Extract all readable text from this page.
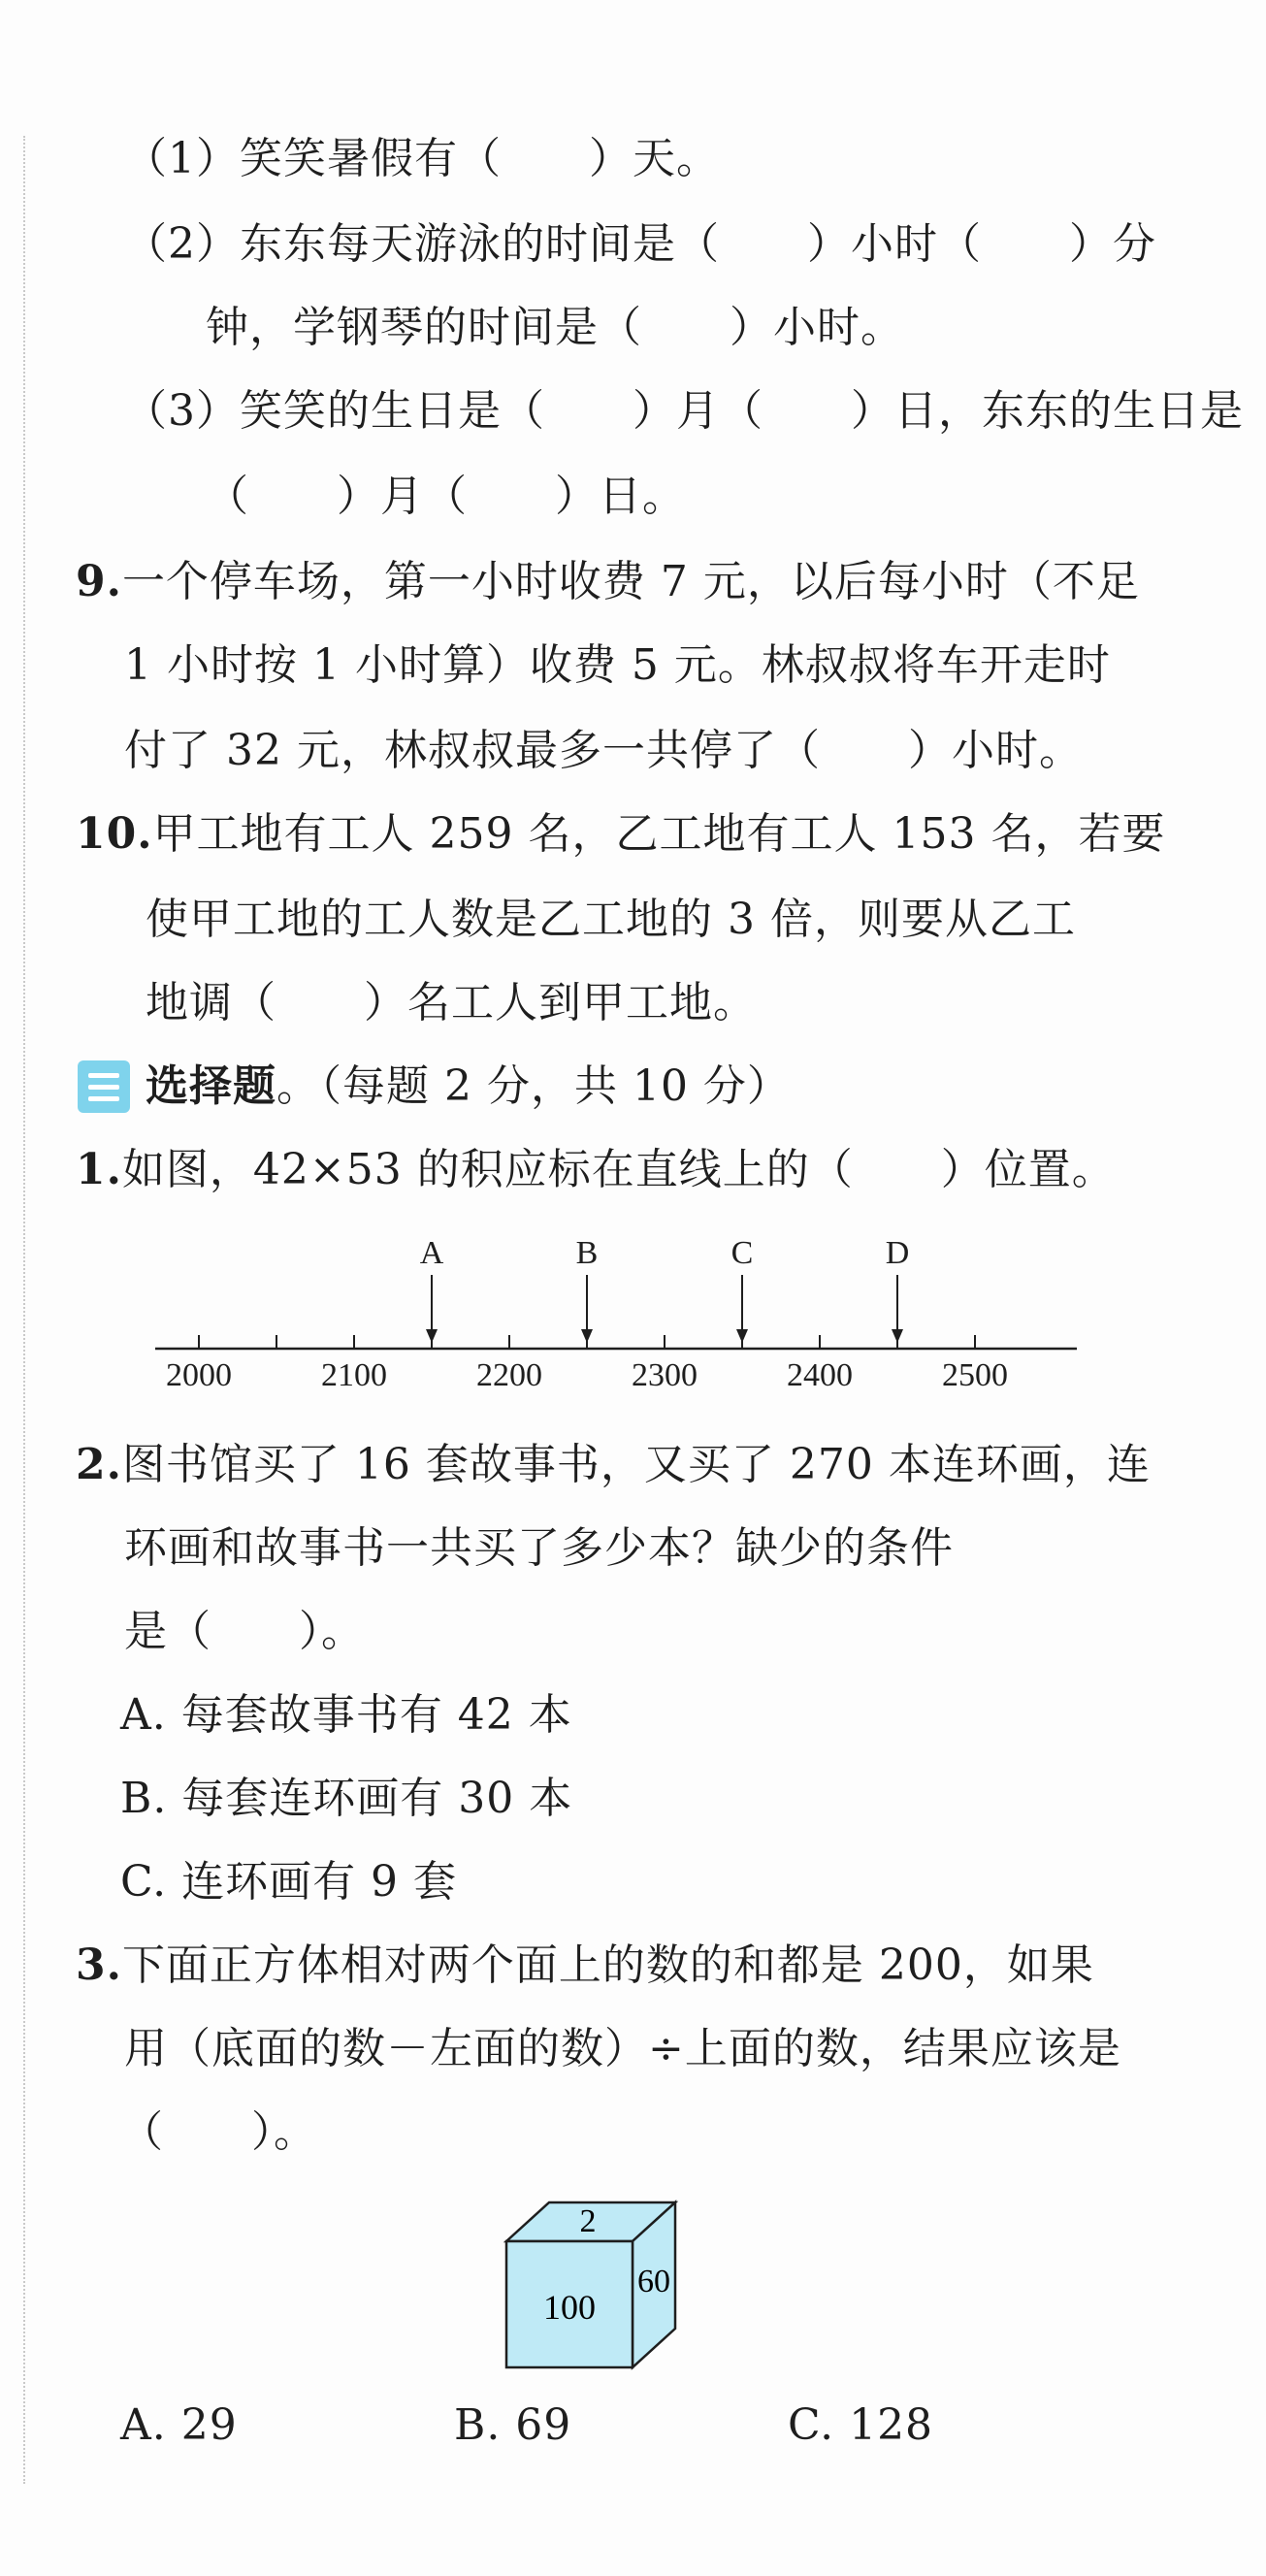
（1）笑笑暑假有（　　）天。
（2）东东每天游泳的时间是（　　）小时（　　）分
钟，学钢琴的时间是（　　）小时。
（3）笑笑的生日是（　　）月（　　）日，东东的生日是
（　　）月（　　）日。
9.一个停车场，第一小时收费 7 元，以后每小时（不足
1 小时按 1 小时算）收费 5 元。林叔叔将车开走时
付了 32 元，林叔叔最多一共停了（　　）小时。
10.甲工地有工人 259 名，乙工地有工人 153 名，若要
使甲工地的工人数是乙工地的 3 倍，则要从乙工
地调（　　）名工人到甲工地。
选择题。（每题 2 分，共 10 分）
1.如图，42×53 的积应标在直线上的（　　）位置。
2000	2100	2200	2300	2400	2500
A	B	C	D
2.图书馆买了 16 套故事书，又买了 270 本连环画，连
环画和故事书一共买了多少本？缺少的条件
是（　　）。
A. 每套故事书有 42 本
B. 每套连环画有 30 本
C. 连环画有 9 套
3.下面正方体相对两个面上的数的和都是 200，如果
用（底面的数－左面的数）÷上面的数，结果应该是
（　　）。
2
100
60
A. 29	B. 69	C. 128
